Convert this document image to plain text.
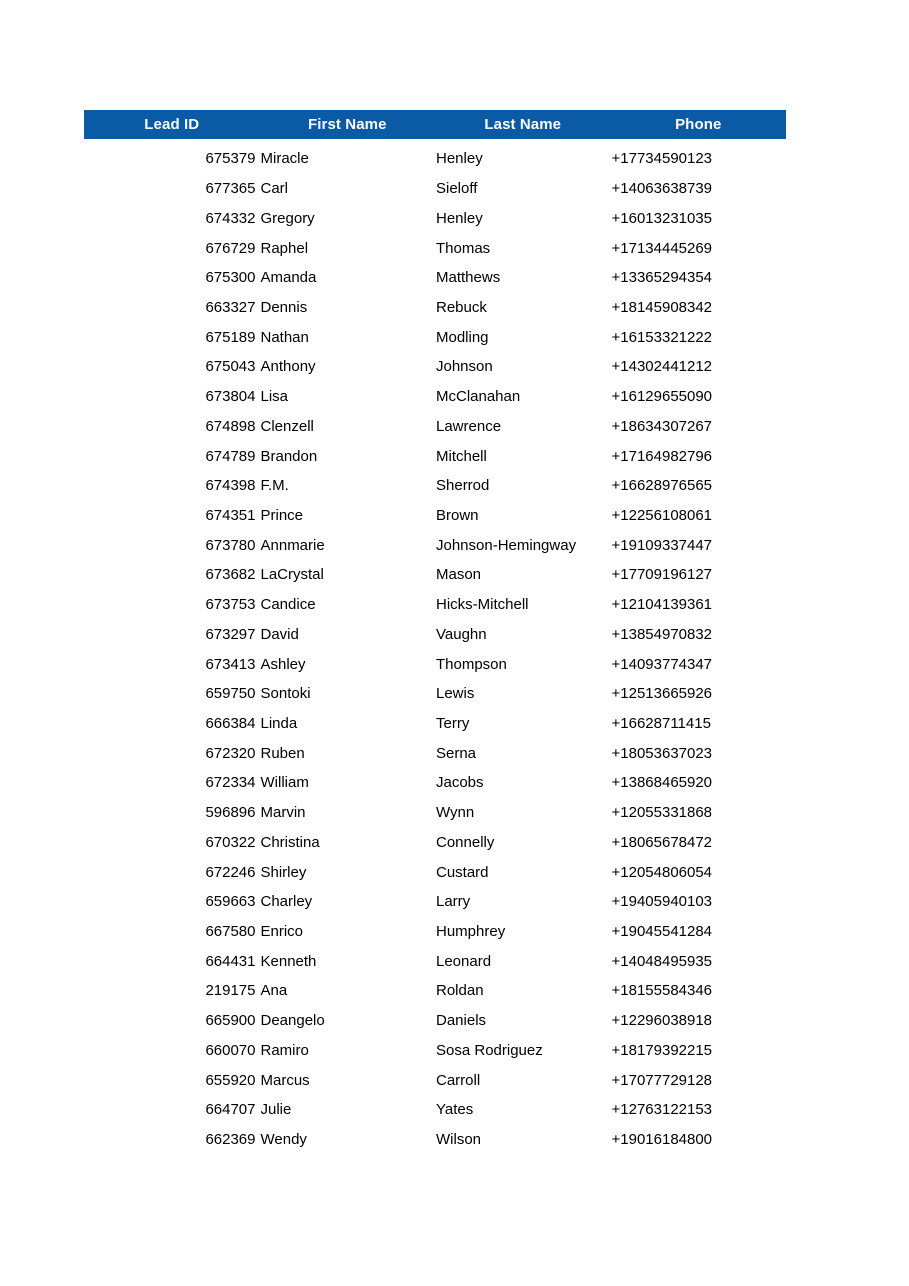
Lead ID	First Name	Last Name	Phone
675379 Miracle	Henley	+17734590123
677365 Carl	Sieloff	+14063638739
674332 Gregory	Henley	+16013231035
676729 Raphel	Thomas	+17134445269
675300 Amanda	Matthews	+13365294354
663327 Dennis	Rebuck	+18145908342
675189 Nathan	Modling	+16153321222
675043 Anthony	Johnson	+14302441212
673804 Lisa	McClanahan	+16129655090
674898 Clenzell	Lawrence	+18634307267
674789 Brandon	Mitchell	+17164982796
674398 F.M.	Sherrod	+16628976565
674351 Prince	Brown	+12256108061
673780 Annmarie	Johnson-Hemingway	+19109337447
673682 LaCrystal	Mason	+17709196127
673753 Candice	Hicks-Mitchell	+12104139361
673297 David	Vaughn	+13854970832
673413 Ashley	Thompson	+14093774347
659750 Sontoki	Lewis	+12513665926
666384 Linda	Terry	+16628711415
672320 Ruben	Serna	+18053637023
672334 William	Jacobs	+13868465920
596896 Marvin	Wynn	+12055331868
670322 Christina	Connelly	+18065678472
672246 Shirley	Custard	+12054806054
659663 Charley	Larry	+19405940103
667580 Enrico	Humphrey	+19045541284
664431 Kenneth	Leonard	+14048495935
219175 Ana	Roldan	+18155584346
665900 Deangelo	Daniels	+12296038918
660070 Ramiro	Sosa Rodriguez	+18179392215
655920 Marcus	Carroll	+17077729128
664707 Julie	Yates	+12763122153
662369 Wendy	Wilson	+19016184800
